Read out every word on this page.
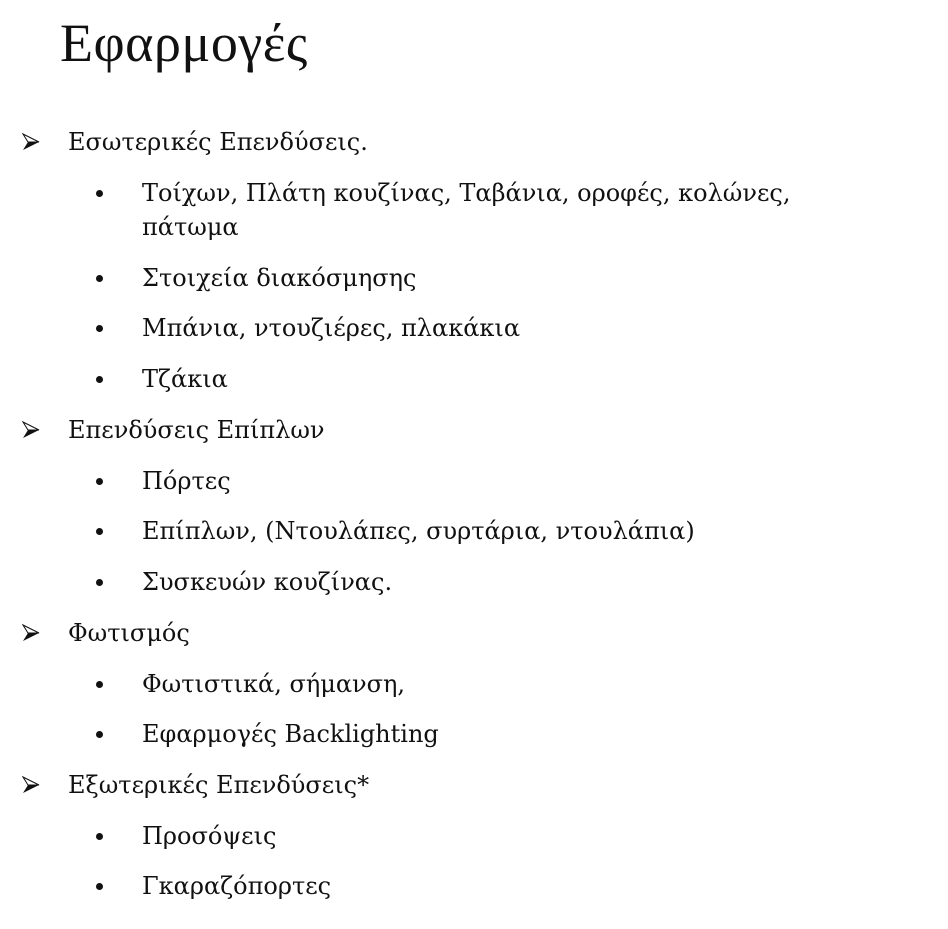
Εφαρμογές
Εσωτερικές Επενδύσεις.
Τοίχων, Πλάτη κουζίνας, Ταβάνια, οροφές, κολώνες, πάτωμα
Στοιχεία διακόσμησης
Μπάνια, ντουζιέρες, πλακάκια
Τζάκια
Επενδύσεις Επίπλων
Πόρτες
Επίπλων, (Ντουλάπες, συρτάρια, ντουλάπια)
Συσκευών κουζίνας.
Φωτισμός
Φωτιστικά, σήμανση,
Εφαρμογές Backlighting
Εξωτερικές Επενδύσεις*
Προσόψεις
Γκαραζόπορτες
